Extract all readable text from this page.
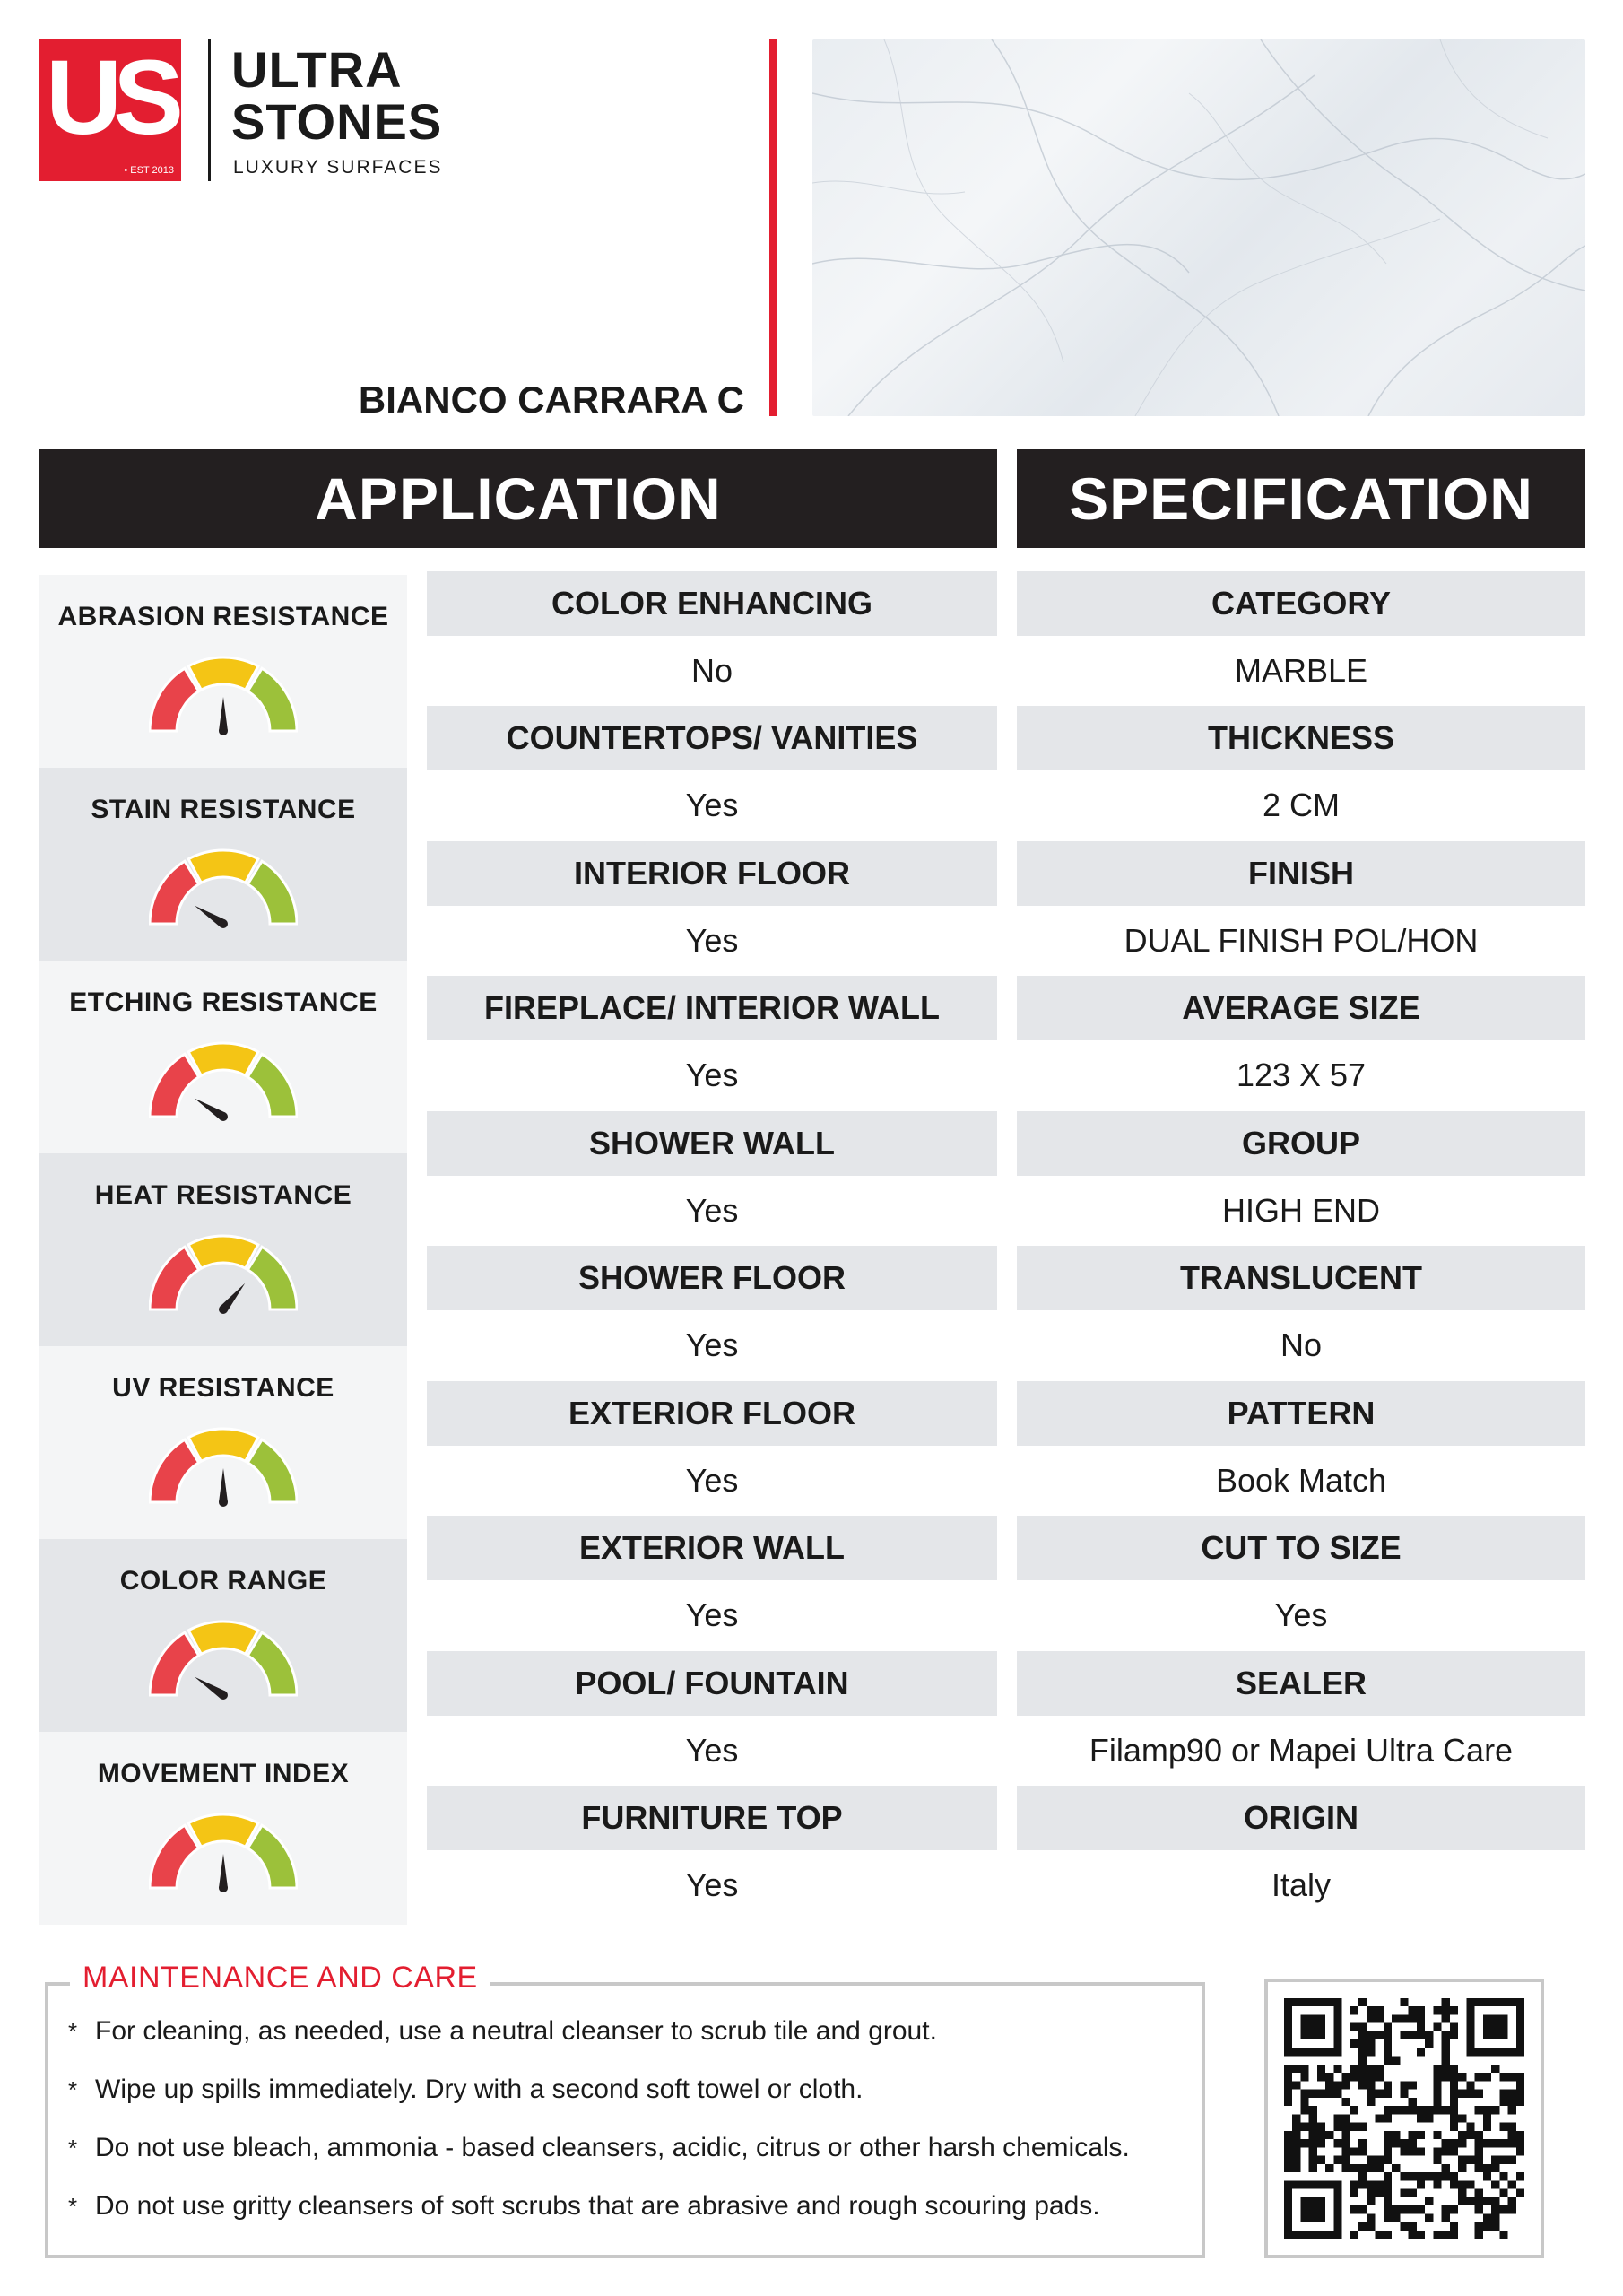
US
• EST 2013
ULTRA
STONES
LUXURY SURFACES
BIANCO CARRARA C
APPLICATION	SPECIFICATION
ABRASION RESISTANCE
STAIN RESISTANCE
ETCHING RESISTANCE
HEAT RESISTANCE
UV RESISTANCE
COLOR RANGE
MOVEMENT INDEX
COLOR ENHANCING
No
COUNTERTOPS/ VANITIES
Yes
INTERIOR FLOOR
Yes
FIREPLACE/ INTERIOR WALL
Yes
SHOWER WALL
Yes
SHOWER FLOOR
Yes
EXTERIOR FLOOR
Yes
EXTERIOR WALL
Yes
POOL/ FOUNTAIN
Yes
FURNITURE TOP
Yes
CATEGORY
MARBLE
THICKNESS
2 CM
FINISH
DUAL FINISH POL/HON
AVERAGE SIZE
123 X 57
GROUP
HIGH END
TRANSLUCENT
No
PATTERN
Book Match
CUT TO SIZE
Yes
SEALER
Filamp90 or Mapei Ultra Care
ORIGIN
Italy
MAINTENANCE AND CARE
* For cleaning, as needed, use a neutral cleanser to scrub tile and grout.
* Wipe up spills immediately. Dry with a second soft towel or cloth.
* Do not use bleach, ammonia - based cleansers, acidic, citrus or other harsh chemicals.
* Do not use gritty cleansers of soft scrubs that are abrasive and rough scouring pads.
